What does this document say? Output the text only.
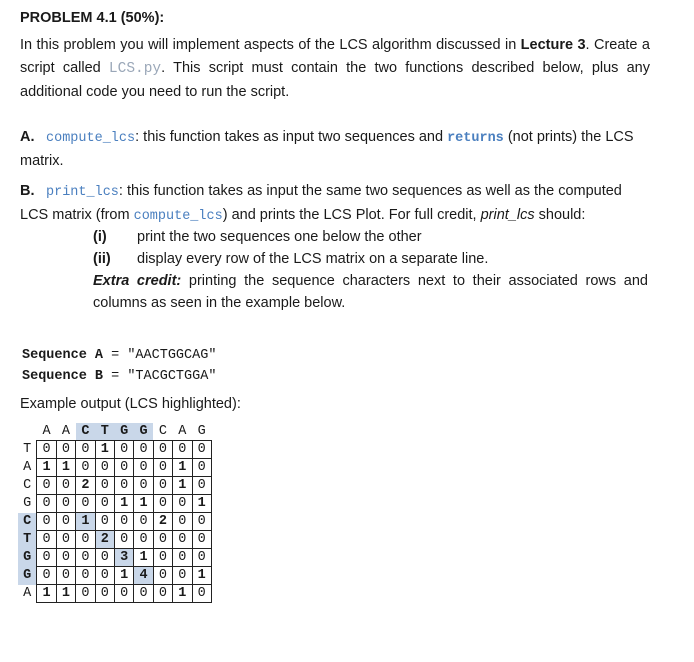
PROBLEM 4.1 (50%):
In this problem you will implement aspects of the LCS algorithm discussed in Lecture 3. Create a script called LCS.py. This script must contain the two functions described below, plus any additional code you need to run the script.
A. compute_lcs: this function takes as input two sequences and returns (not prints) the LCS matrix.
B. print_lcs: this function takes as input the same two sequences as well as the computed LCS matrix (from compute_lcs) and prints the LCS Plot. For full credit, print_lcs should:
(i)	print the two sequences one below the other
(ii)	display every row of the LCS matrix on a separate line.
Extra credit: printing the sequence characters next to their associated rows and columns as seen in the example below.
Sequence A = "AACTGGCAG"
Sequence B = "TACGCTGGA"
Example output (LCS highlighted):
	A	A	C	T	G	G	C	A	G
T	0	0	0	1	0	0	0	0	0
A	1	1	0	0	0	0	0	1	0
C	0	0	2	0	0	0	0	1	0
G	0	0	0	0	1	1	0	0	1
C	0	0	1	0	0	0	2	0	0
T	0	0	0	2	0	0	0	0	0
G	0	0	0	0	3	1	0	0	0
G	0	0	0	0	1	4	0	0	1
A	1	1	0	0	0	0	0	1	0
